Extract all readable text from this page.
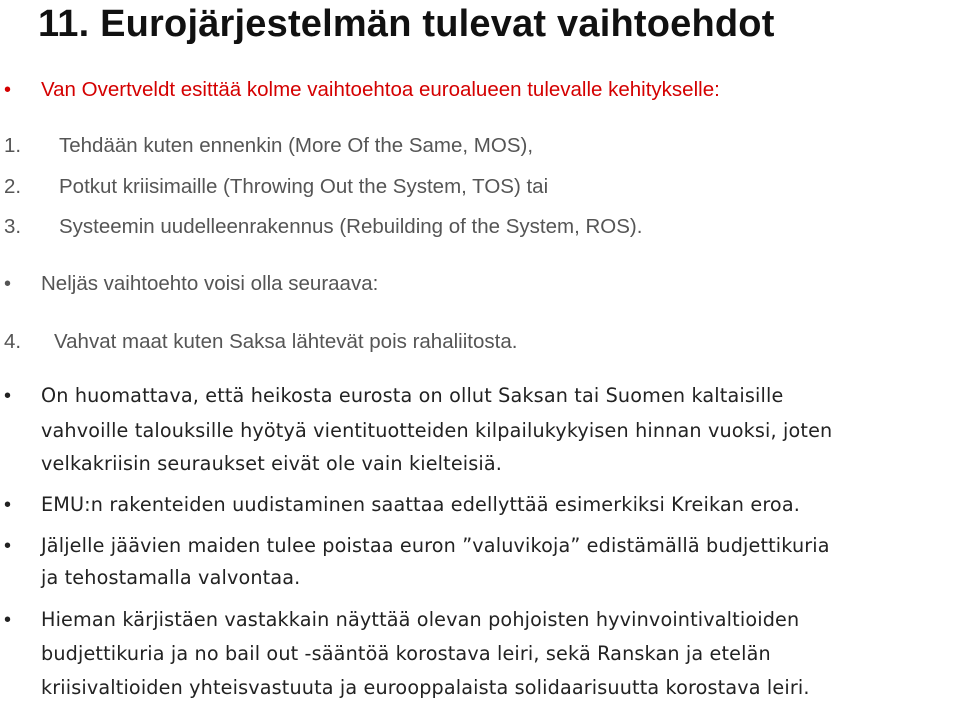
11. Eurojärjestelmän tulevat vaihtoehdot
• Van Overtveldt esittää kolme vaihtoehtoa euroalueen tulevalle kehitykselle:
1. Tehdään kuten ennenkin (More Of the Same, MOS),
2. Potkut kriisimaille (Throwing Out the System, TOS) tai
3. Systeemin uudelleenrakennus (Rebuilding of the System, ROS).
• Neljäs vaihtoehto voisi olla seuraava:
4. Vahvat maat kuten Saksa lähtevät pois rahaliitosta.
• On huomattava, että heikosta eurosta on ollut Saksan tai Suomen kaltaisille
vahvoille talouksille hyötyä vientituotteiden kilpailukykyisen hinnan vuoksi, joten
velkakriisin seuraukset eivät ole vain kielteisiä.
• EMU:n rakenteiden uudistaminen saattaa edellyttää esimerkiksi Kreikan eroa.
• Jäljelle jäävien maiden tulee poistaa euron ”valuvikoja” edistämällä budjettikuria
ja tehostamalla valvontaa.
• Hieman kärjistäen vastakkain näyttää olevan pohjoisten hyvinvointivaltioiden
budjettikuria ja no bail out -sääntöä korostava leiri, sekä Ranskan ja etelän
kriisivaltioiden yhteisvastuuta ja eurooppalaista solidaarisuutta korostava leiri.
